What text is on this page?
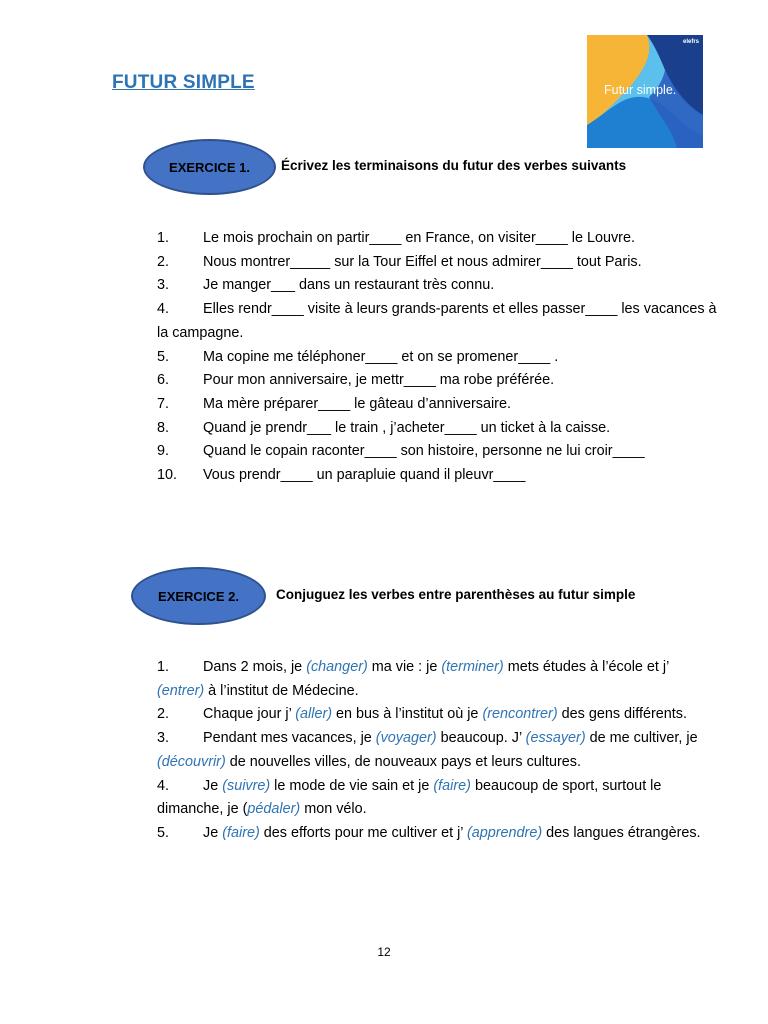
FUTUR SIMPLE
elefrs
Futur simple.
EXERCICE 1.	Écrivez les terminaisons du futur des verbes suivants
1. Le mois prochain on partir____ en France, on visiter____ le Louvre.
2. Nous montrer_____ sur la Tour Eiffel et nous admirer____ tout Paris.
3. Je manger___ dans un restaurant très connu.
4. Elles rendr____ visite à leurs grands-parents et elles passer____ les vacances à la campagne.
5. Ma copine me téléphoner____ et on se promener____ .
6. Pour mon anniversaire, je mettr____ ma robe préférée.
7. Ma mère préparer____ le gâteau d’anniversaire.
8. Quand je prendr___ le train , j’acheter____ un ticket à la caisse.
9. Quand le copain raconter____ son histoire, personne ne lui croir____
10. Vous prendr____ un parapluie quand il pleuvr____
EXERCICE 2.	Conjuguez les verbes entre parenthèses au futur simple
1. Dans 2 mois, je (changer) ma vie : je (terminer) mets études à l’école et j’ (entrer) à l’institut de Médecine.
2. Chaque jour j’ (aller) en bus à l’institut où je (rencontrer) des gens différents.
3. Pendant mes vacances, je (voyager) beaucoup. J’ (essayer) de me cultiver, je (découvrir) de nouvelles villes, de nouveaux pays et leurs cultures.
4. Je (suivre) le mode de vie sain et je (faire) beaucoup de sport, surtout le dimanche, je (pédaler) mon vélo.
5. Je (faire) des efforts pour me cultiver et j’ (apprendre) des langues étrangères.
12
